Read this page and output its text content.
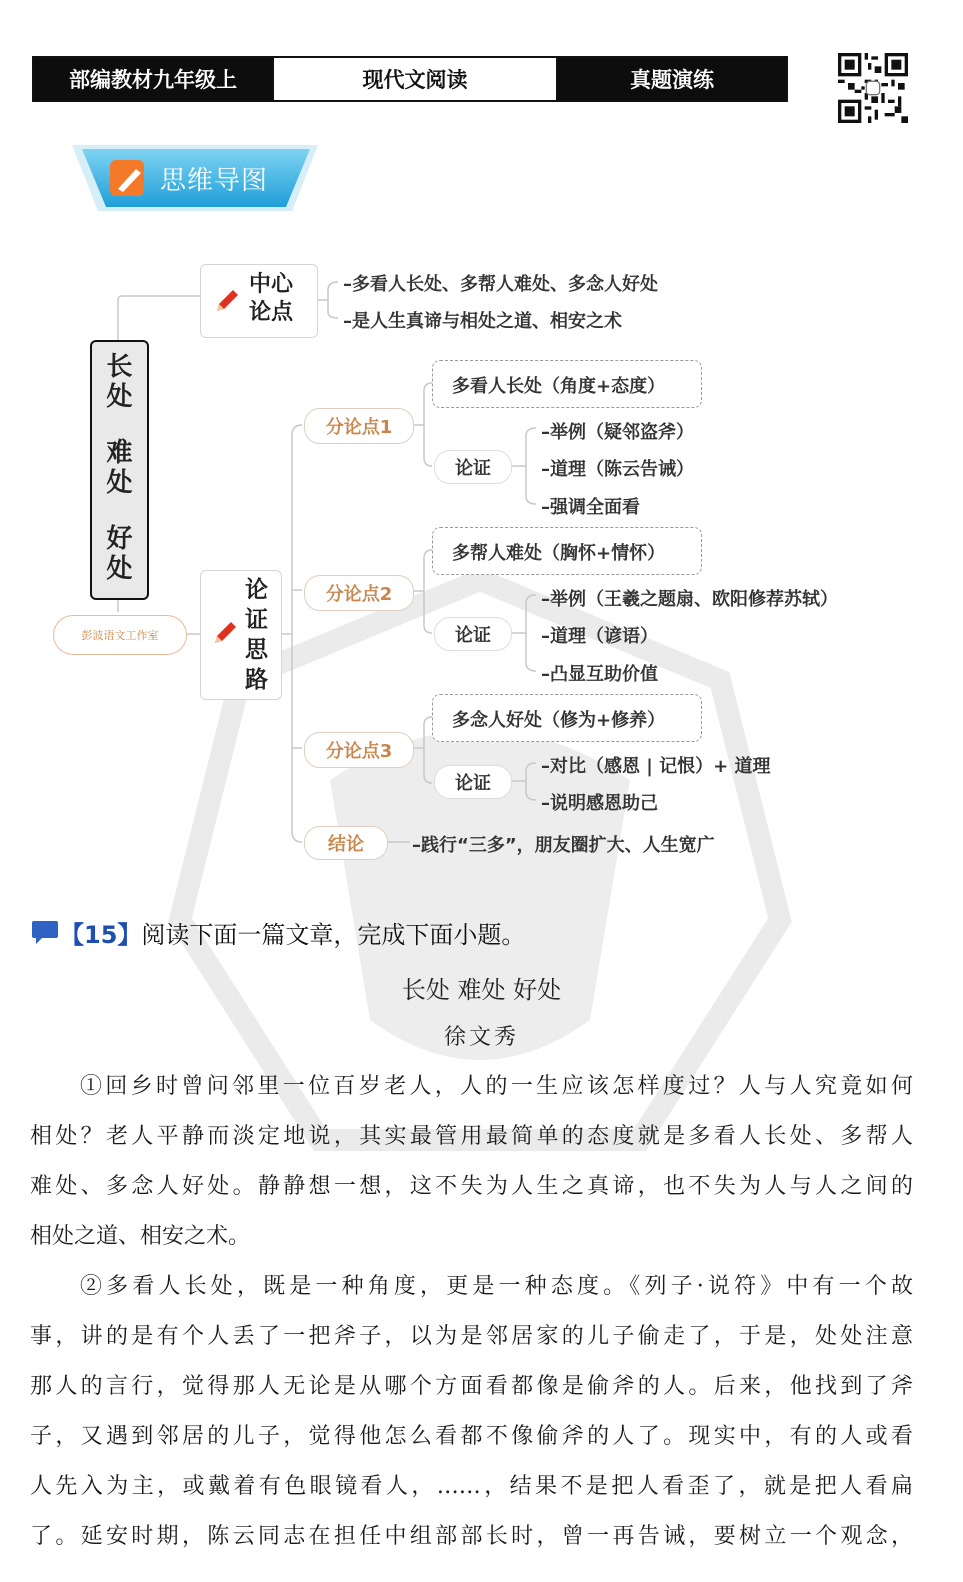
部编教材九年级上	现代文阅读	真题演练
思维导图
长
处
难
处
好
处
彭波语文工作室
中心
论点
–多看人长处、多帮人难处、多念人好处
–是人生真谛与相处之道、相安之术
论
证
思
路
分论点1
多看人长处（角度+态度）
论证
–举例（疑邻盗斧）
–道理（陈云告诫）
–强调全面看
分论点2
多帮人难处（胸怀+情怀）
论证
–举例（王羲之题扇、欧阳修荐苏轼）
–道理（谚语）
–凸显互助价值
分论点3
多念人好处（修为+修养）
论证
–对比（感恩 | 记恨）+ 道理
–说明感恩助己
结论	–践行“三多”，朋友圈扩大、人生宽广
【15】阅读下面一篇文章，完成下面小题。
长处 难处 好处
徐文秀
①回乡时曾问邻里一位百岁老人，人的一生应该怎样度过？人与人究竟如何
相处？老人平静而淡定地说，其实最管用最简单的态度就是多看人长处、多帮人
难处、多念人好处。静静想一想，这不失为人生之真谛，也不失为人与人之间的
相处之道、相安之术。
②多看人长处，既是一种角度，更是一种态度。《列子·说符》中有一个故
事，讲的是有个人丢了一把斧子，以为是邻居家的儿子偷走了，于是，处处注意
那人的言行，觉得那人无论是从哪个方面看都像是偷斧的人。后来，他找到了斧
子，又遇到邻居的儿子，觉得他怎么看都不像偷斧的人了。现实中，有的人或看
人先入为主，或戴着有色眼镜看人，……，结果不是把人看歪了，就是把人看扁
了。延安时期，陈云同志在担任中组部部长时，曾一再告诫，要树立一个观念，
